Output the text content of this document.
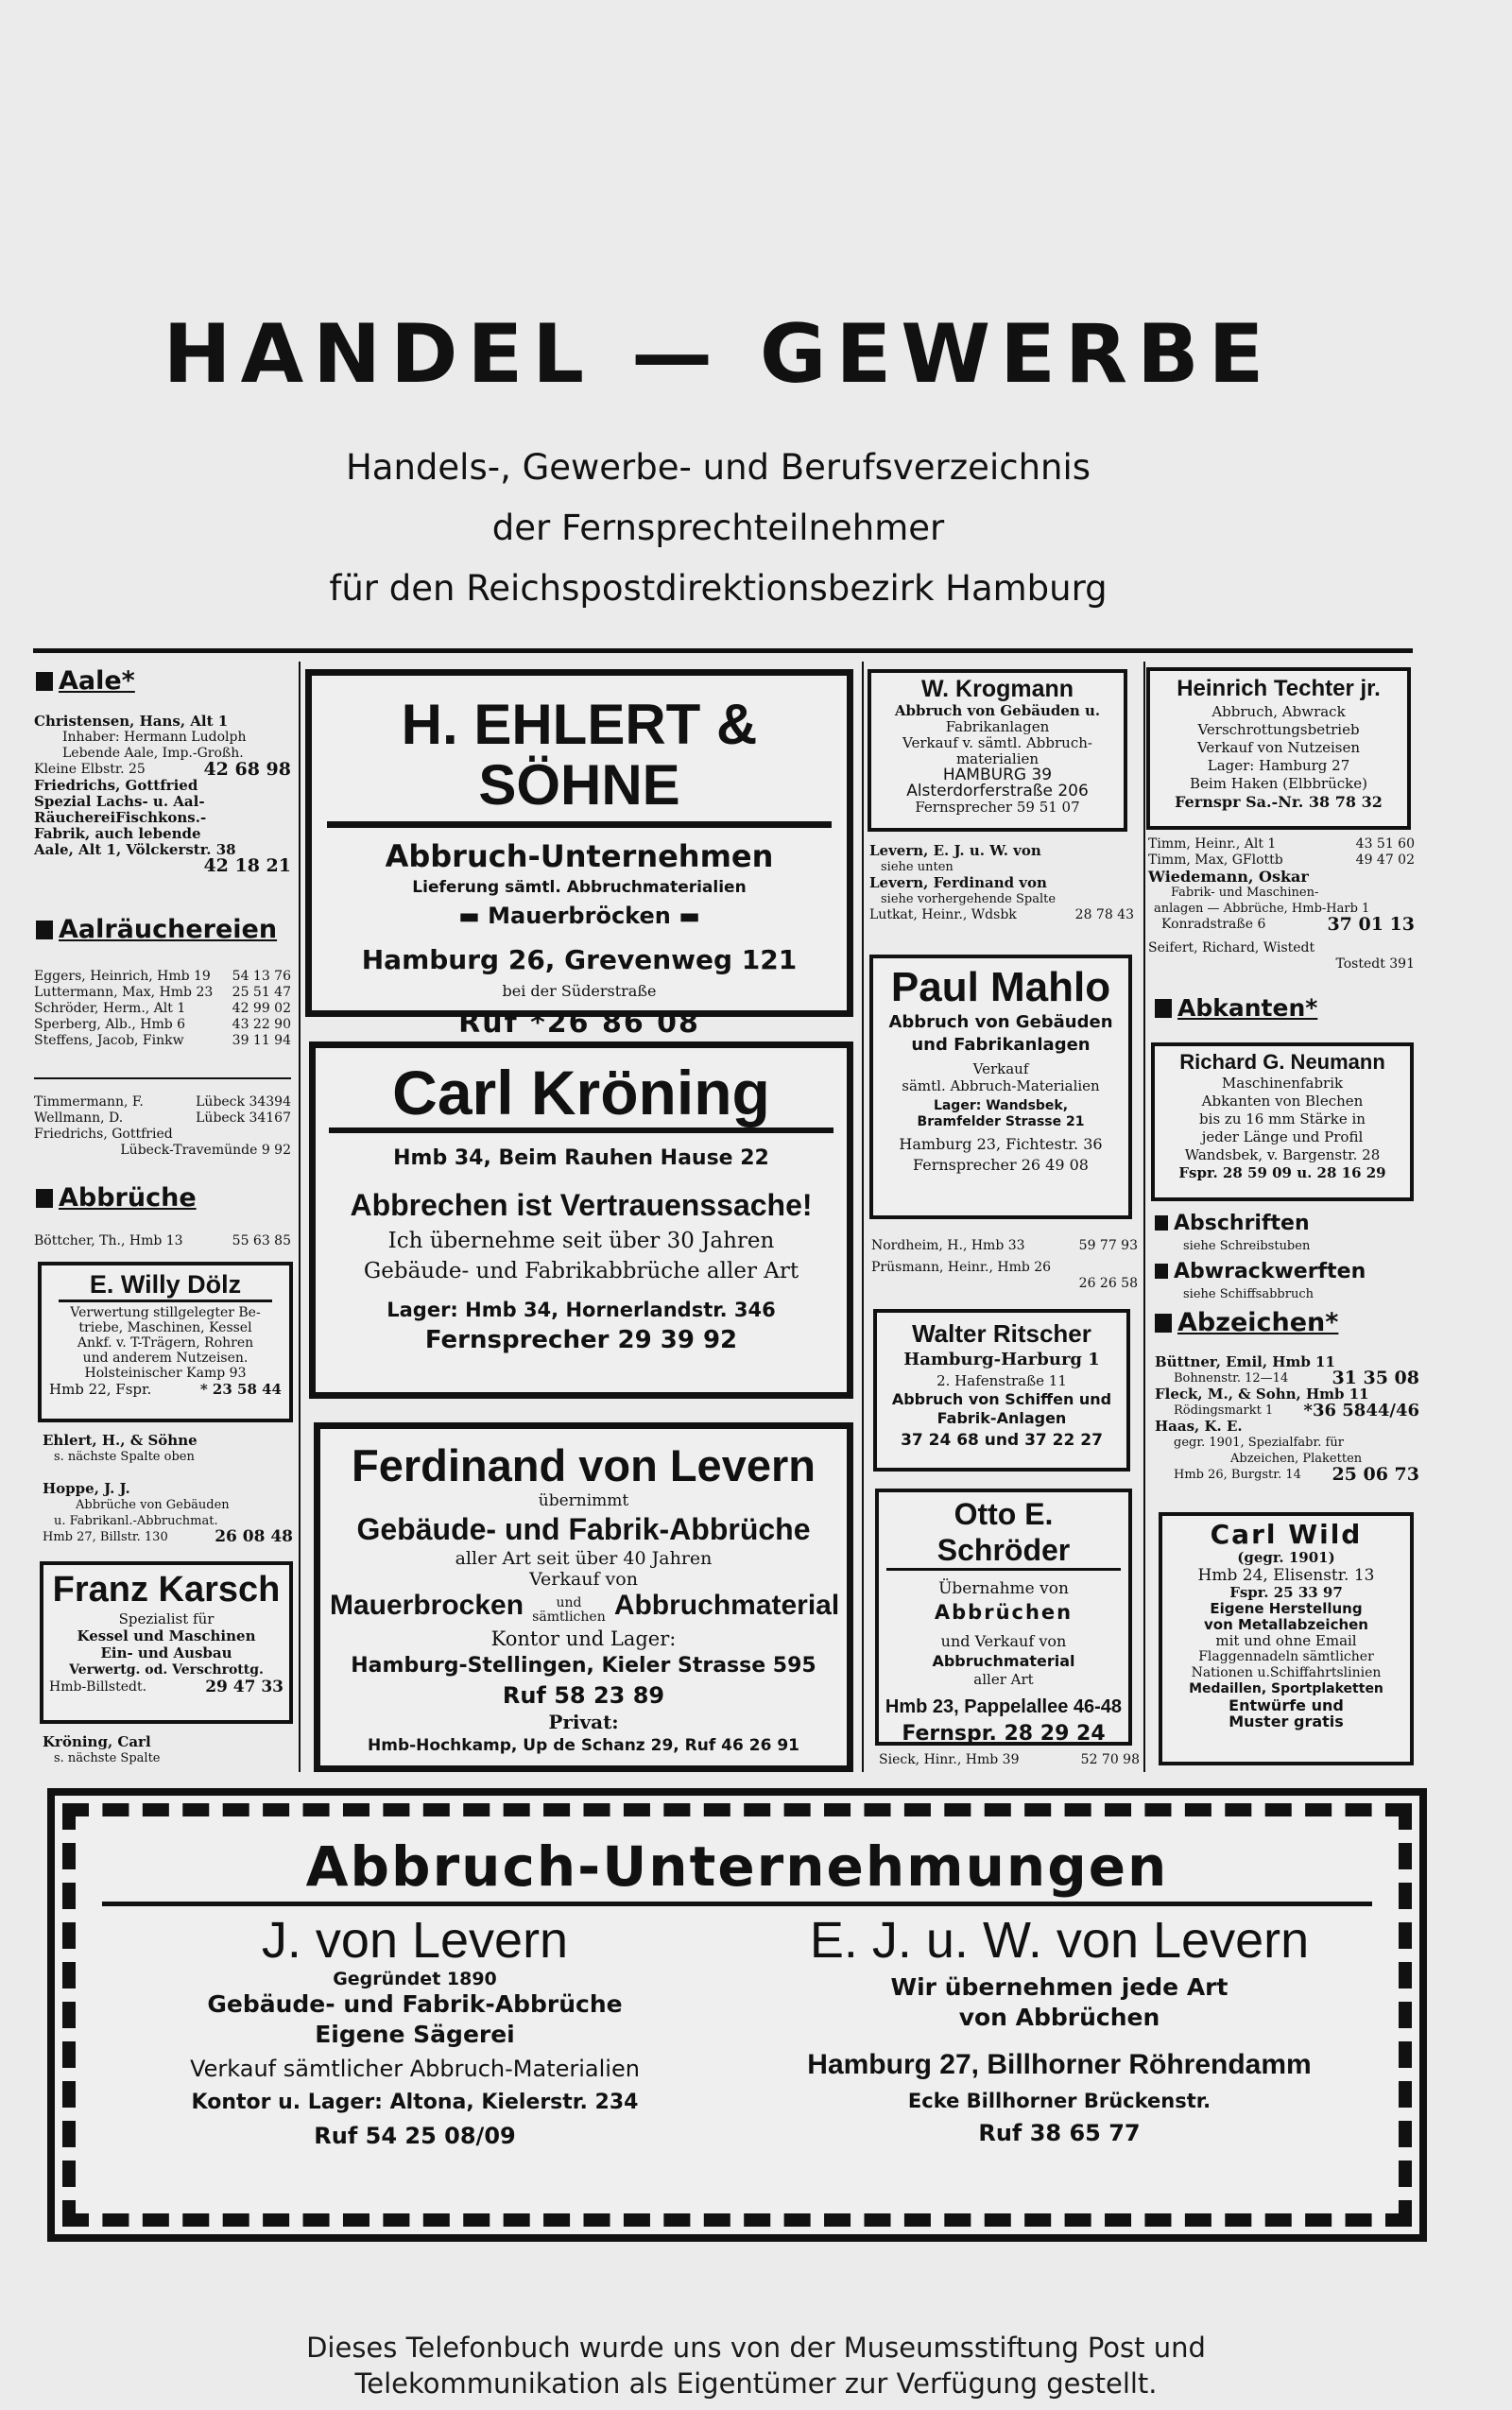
HANDEL — GEWERBE
Handels-, Gewerbe- und Berufsverzeichnis
der Fernsprechteilnehmer
für den Reichspostdirektionsbezirk Hamburg
Aale*
Christensen, Hans, Alt 1
Inhaber: Hermann Ludolph
Lebende Aale, Imp.-Großh.
Kleine Elbstr. 25	42 68 98
Friedrichs, Gottfried
Spezial Lachs- u. Aal-
RäuchereiFischkons.-
Fabrik, auch lebende
Aale, Alt 1, Völckerstr. 38
42 18 21
Aalräuchereien
Eggers, Heinrich, Hmb 19 54 13 76
Luttermann, Max, Hmb 23 25 51 47
Schröder, Herm., Alt 1	42 99 02
Sperberg, Alb., Hmb 6	43 22 90
Steffens, Jacob, Finkw	39 11 94
Timmermann, F.	Lübeck 34394
Wellmann, D.	Lübeck 34167
Friedrichs, Gottfried
Lübeck-Travemünde 9 92
Abbrüche
Böttcher, Th., Hmb 13	55 63 85
E. Willy Dölz
Verwertung stillgelegter Be-
triebe, Maschinen, Kessel
Ankf. v. T-Trägern, Rohren
und anderem Nutzeisen.
Holsteinischer Kamp 93
Hmb 22, Fspr.	* 23 58 44
Ehlert, H., & Söhne
s. nächste Spalte oben
Hoppe, J. J.
Abbrüche von Gebäuden
u. Fabrikanl.-Abbruchmat.
Hmb 27, Billstr. 130	26 08 48
Franz Karsch
Spezialist für
Kessel und Maschinen
Ein- und Ausbau
Verwertg. od. Verschrottg.
Hmb-Billstedt.	29 47 33
Kröning, Carl
s. nächste Spalte
H. EHLERT & SÖHNE
Abbruch-Unternehmen
Lieferung sämtl. Abbruchmaterialien
▬ Mauerbröcken ▬
Hamburg 26, Grevenweg 121
bei der Süderstraße
Ruf *26 86 08
Carl Kröning
Hmb 34, Beim Rauhen Hause 22
Abbrechen ist Vertrauenssache!
Ich übernehme seit über 30 Jahren
Gebäude- und Fabrikabbrüche aller Art
Lager: Hmb 34, Hornerlandstr. 346
Fernsprecher 29 39 92
Ferdinand von Levern
übernimmt
Gebäude- und Fabrik-Abbrüche
aller Art seit über 40 Jahren
Verkauf von
Mauerbrocken	und
sämtlichen Abbruchmaterial
Kontor und Lager:
Hamburg-Stellingen, Kieler Strasse 595
Ruf 58 23 89
Privat:
Hmb-Hochkamp, Up de Schanz 29, Ruf 46 26 91
W. Krogmann
Abbruch von Gebäuden u.
Fabrikanlagen
Verkauf v. sämtl. Abbruch-
materialien
HAMBURG 39
Alsterdorferstraße 206
Fernsprecher 59 51 07
Levern, E. J. u. W. von
siehe unten
Levern, Ferdinand von
siehe vorhergehende Spalte
Lutkat, Heinr., Wdsbk	28 78 43
Paul Mahlo
Abbruch von Gebäuden
und Fabrikanlagen
Verkauf
sämtl. Abbruch-Materialien
Lager: Wandsbek,
Bramfelder Strasse 21
Hamburg 23, Fichtestr. 36
Fernsprecher 26 49 08
Nordheim, H., Hmb 33	59 77 93
Prüsmann, Heinr., Hmb 26
26 26 58
Walter Ritscher
Hamburg-Harburg 1
2. Hafenstraße 11
Abbruch von Schiffen und
Fabrik-Anlagen
37 24 68 und 37 22 27
Otto E. Schröder
Übernahme von
Abbrüchen
und Verkauf von
Abbruchmaterial
aller Art
Hmb 23, Pappelallee 46-48
Fernspr. 28 29 24
Sieck, Hinr., Hmb 39	52 70 98
Heinrich Techter jr.
Abbruch, Abwrack
Verschrottungsbetrieb
Verkauf von Nutzeisen
Lager: Hamburg 27
Beim Haken (Elbbrücke)
Fernspr Sa.-Nr. 38 78 32
Timm, Heinr., Alt 1	43 51 60
Timm, Max, GFlottb	49 47 02
Wiedemann, Oskar
Fabrik- und Maschinen-
anlagen — Abbrüche, Hmb-Harb 1
Konradstraße 6	37 01 13
Seifert, Richard, Wistedt
Tostedt 391
Abkanten*
Richard G. Neumann
Maschinenfabrik
Abkanten von Blechen
bis zu 16 mm Stärke in
jeder Länge und Profil
Wandsbek, v. Bargenstr. 28
Fspr. 28 59 09 u. 28 16 29
Abschriften
siehe Schreibstuben
Abwrackwerften
siehe Schiffsabbruch
Abzeichen*
Büttner, Emil, Hmb 11
Bohnenstr. 12—14 31 35 08
Fleck, M., & Sohn, Hmb 11
Rödingsmarkt 1 *36 5844/46
Haas, K. E.
gegr. 1901, Spezialfabr. für
Abzeichen, Plaketten
Hmb 26, Burgstr. 14 25 06 73
Carl Wild
(gegr. 1901)
Hmb 24, Elisenstr. 13
Fspr. 25 33 97
Eigene Herstellung
von Metallabzeichen
mit und ohne Email
Flaggennadeln sämtlicher
Nationen u.Schiffahrtslinien
Medaillen, Sportplaketten
Entwürfe und
Muster gratis
Abbruch-Unternehmungen
J. von Levern
Gegründet 1890
Gebäude- und Fabrik-Abbrüche
Eigene Sägerei
Verkauf sämtlicher Abbruch-Materialien
Kontor u. Lager: Altona, Kielerstr. 234
Ruf 54 25 08/09
E. J. u. W. von Levern
Wir übernehmen jede Art
von Abbrüchen
Hamburg 27, Billhorner Röhrendamm
Ecke Billhorner Brückenstr.
Ruf 38 65 77
Dieses Telefonbuch wurde uns von der Museumsstiftung Post und
Telekommunikation als Eigentümer zur Verfügung gestellt.
